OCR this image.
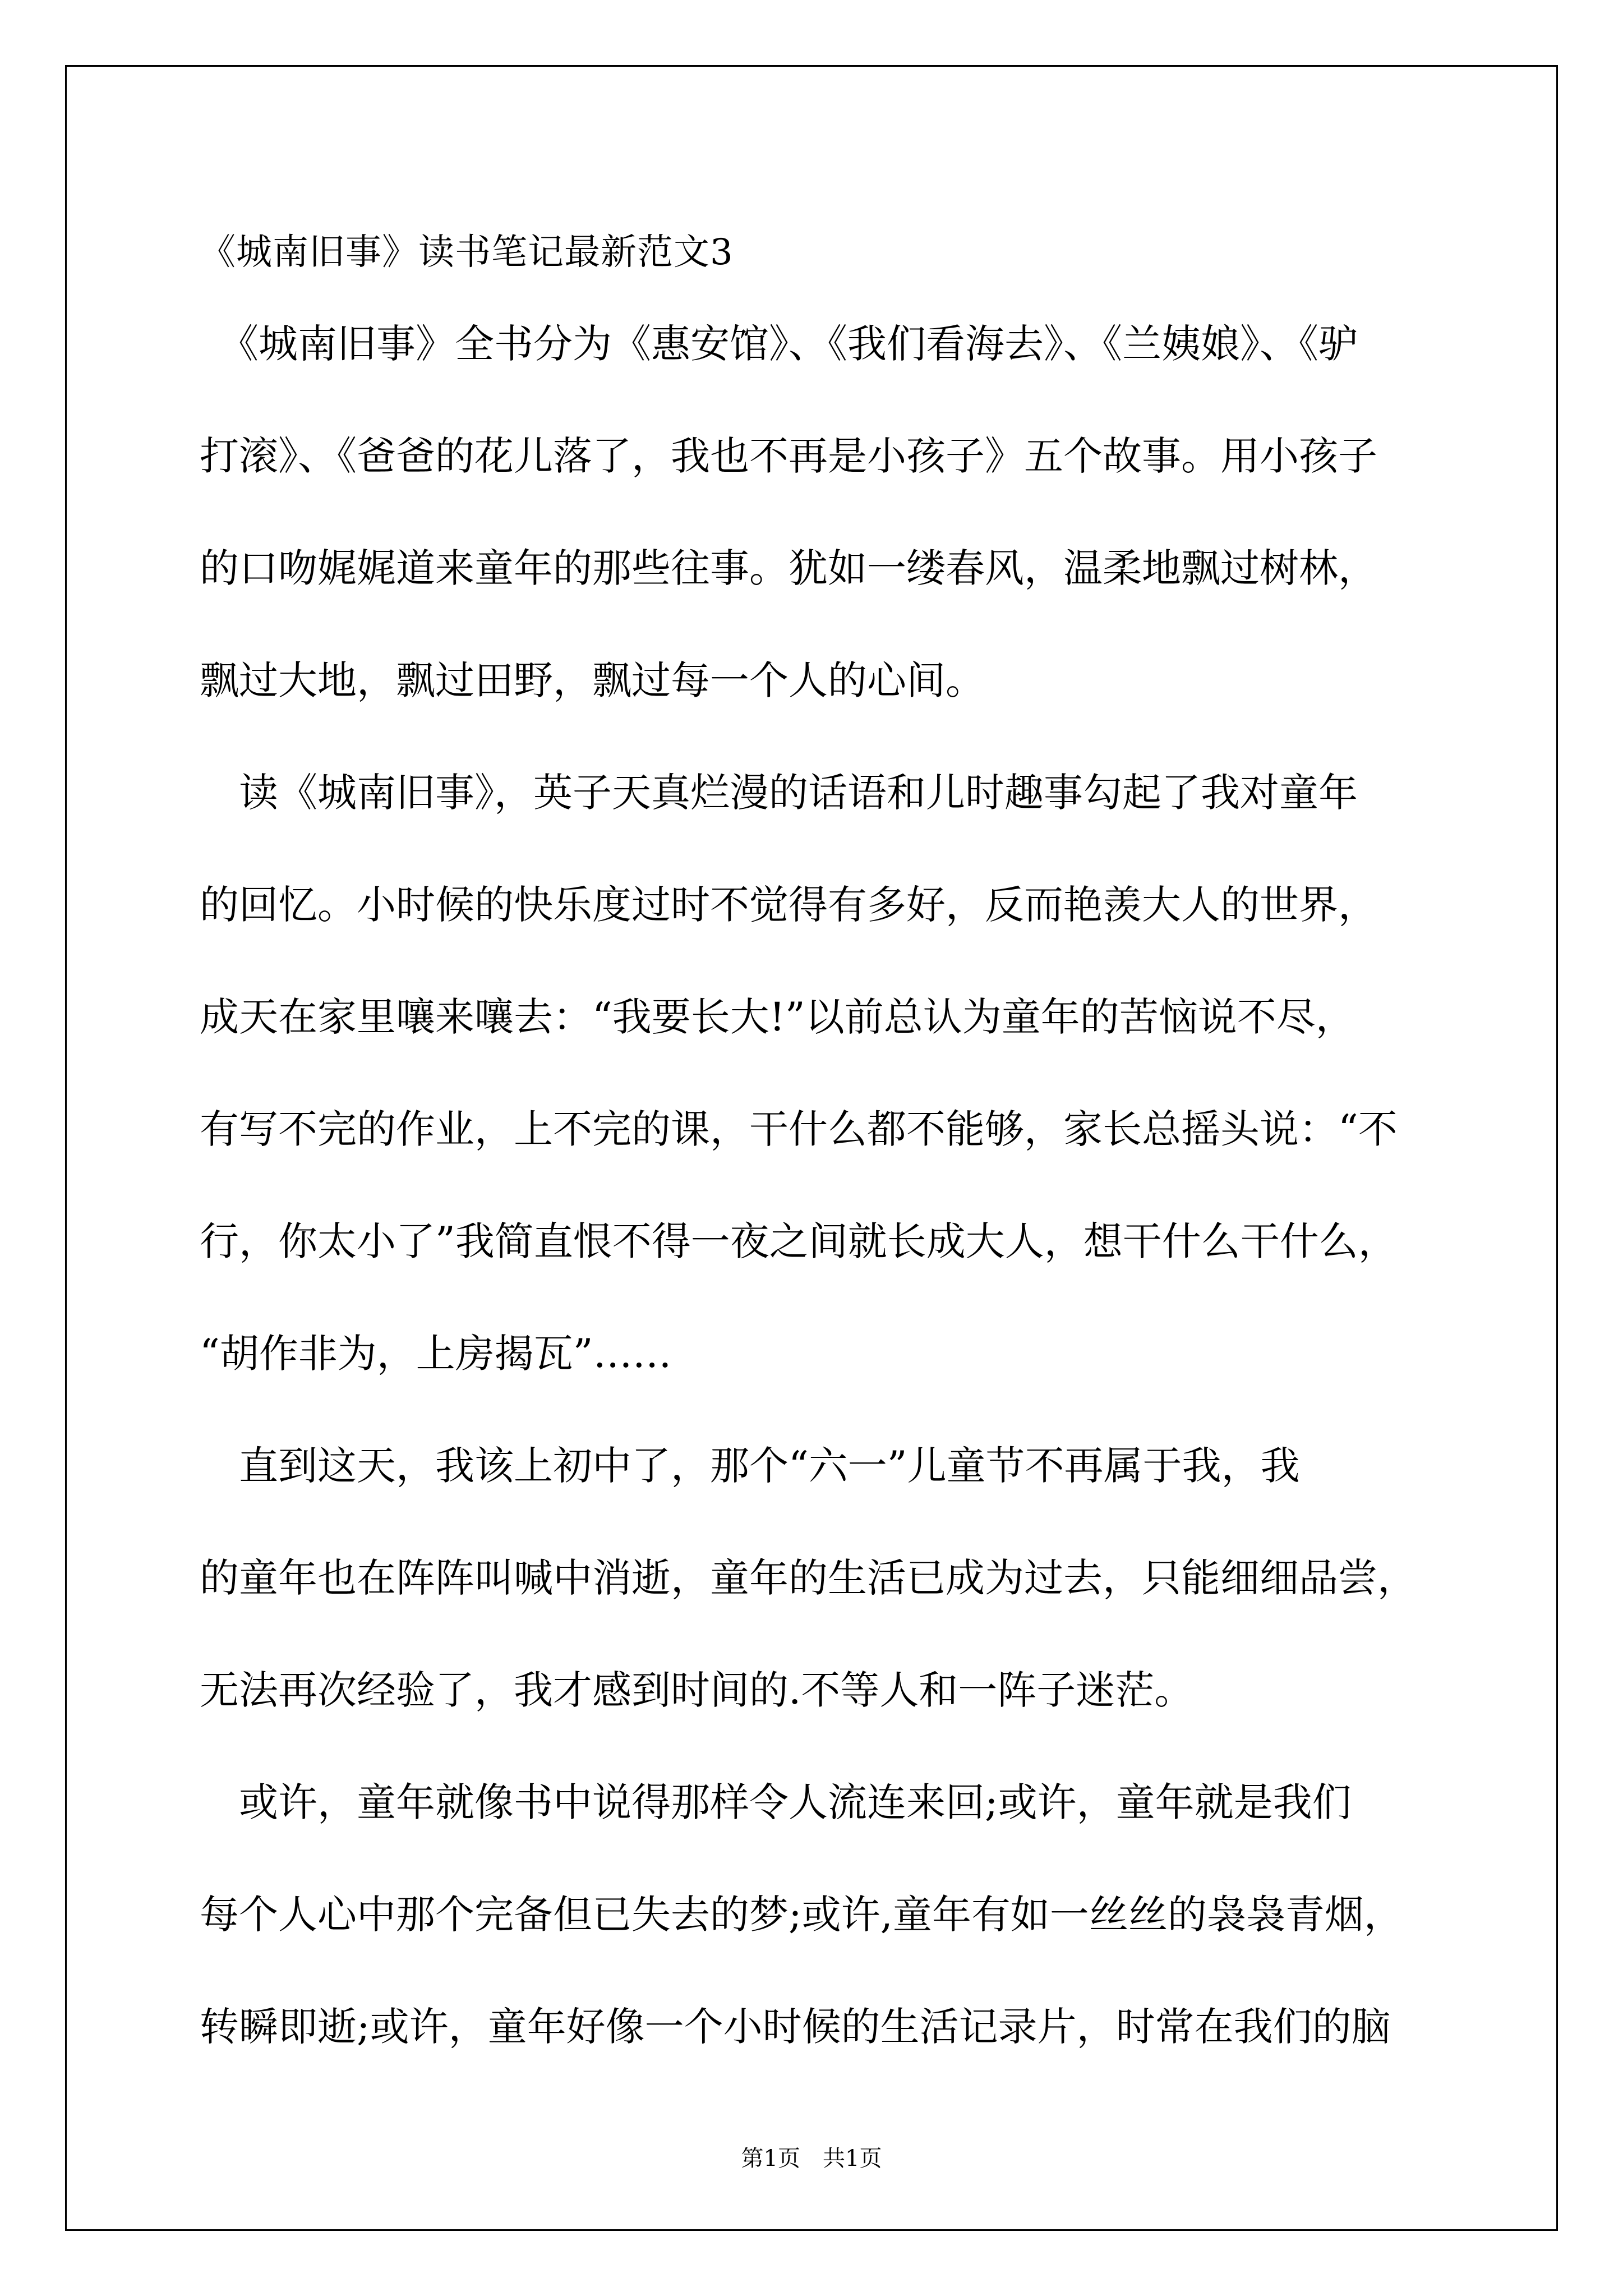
《城南旧事》读书笔记最新范文3
　《城南旧事》全书分为《惠安馆》、《我们看海去》、《兰姨娘》、《驴
打滚》、《爸爸的花儿落了，我也不再是小孩子》五个故事。用小孩子
的口吻娓娓道来童年的那些往事。犹如一缕春风，温柔地飘过树林，
飘过大地，飘过田野，飘过每一个人的心间。
　读《城南旧事》，英子天真烂漫的话语和儿时趣事勾起了我对童年
的回忆。小时候的快乐度过时不觉得有多好，反而艳羡大人的世界，
成天在家里嚷来嚷去：“我要长大!”以前总认为童年的苦恼说不尽，
有写不完的作业，上不完的课，干什么都不能够，家长总摇头说：“不
行，你太小了”我简直恨不得一夜之间就长成大人，想干什么干什么，
“胡作非为，上房揭瓦”……
　直到这天，我该上初中了，那个“六一”儿童节不再属于我，我
的童年也在阵阵叫喊中消逝，童年的生活已成为过去，只能细细品尝，
无法再次经验了，我才感到时间的.不等人和一阵子迷茫。
　或许，童年就像书中说得那样令人流连来回;或许，童年就是我们
每个人心中那个完备但已失去的梦;或许,童年有如一丝丝的袅袅青烟，
转瞬即逝;或许，童年好像一个小时候的生活记录片，时常在我们的脑
第1页　共1页
